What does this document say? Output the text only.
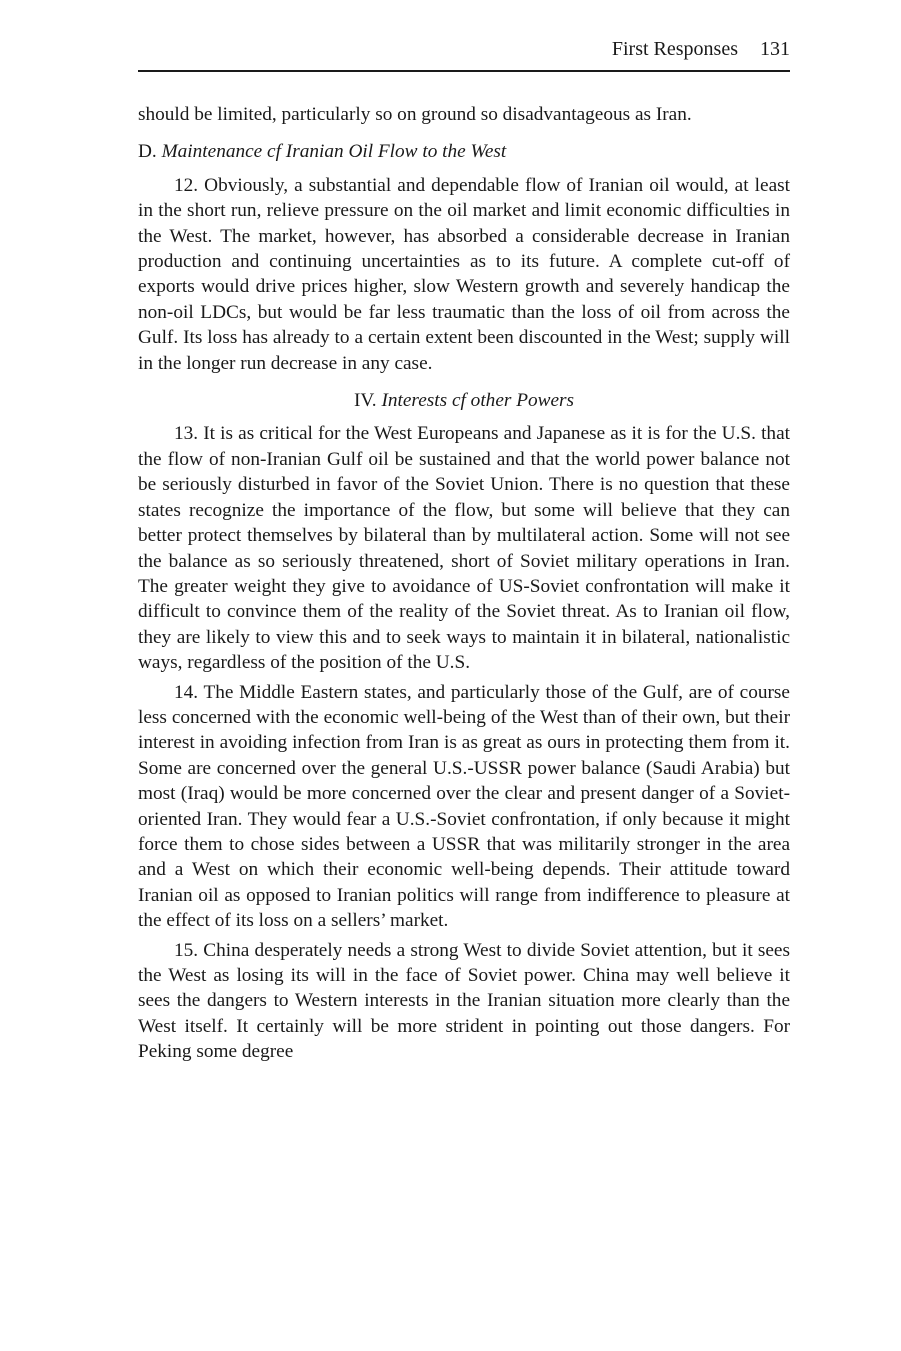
First Responses 131

should be limited, particularly so on ground so disadvantageous as Iran.

D. Maintenance cf Iranian Oil Flow to the West

12. Obviously, a substantial and dependable flow of Iranian oil would, at least in the short run, relieve pressure on the oil market and limit economic difficulties in the West. The market, however, has absorbed a considerable decrease in Iranian production and continuing uncertainties as to its future. A complete cut-off of exports would drive prices higher, slow Western growth and severely handicap the non-oil LDCs, but would be far less traumatic than the loss of oil from across the Gulf. Its loss has already to a certain extent been discounted in the West; supply will in the longer run decrease in any case.

IV. Interests cf other Powers

13. It is as critical for the West Europeans and Japanese as it is for the U.S. that the flow of non-Iranian Gulf oil be sustained and that the world power balance not be seriously disturbed in favor of the Soviet Union. There is no question that these states recognize the importance of the flow, but some will believe that they can better protect themselves by bilateral than by multilateral action. Some will not see the balance as so seriously threatened, short of Soviet military operations in Iran. The greater weight they give to avoidance of US-Soviet confrontation will make it difficult to convince them of the reality of the Soviet threat. As to Iranian oil flow, they are likely to view this and to seek ways to maintain it in bilateral, nationalistic ways, regardless of the position of the U.S.

14. The Middle Eastern states, and particularly those of the Gulf, are of course less concerned with the economic well-being of the West than of their own, but their interest in avoiding infection from Iran is as great as ours in protecting them from it. Some are concerned over the general U.S.-USSR power balance (Saudi Arabia) but most (Iraq) would be more concerned over the clear and present danger of a Soviet-oriented Iran. They would fear a U.S.-Soviet confrontation, if only because it might force them to chose sides between a USSR that was militarily stronger in the area and a West on which their economic well-being depends. Their attitude toward Iranian oil as opposed to Iranian politics will range from indifference to pleasure at the effect of its loss on a sellers’ market.

15. China desperately needs a strong West to divide Soviet attention, but it sees the West as losing its will in the face of Soviet power. China may well believe it sees the dangers to Western interests in the Iranian situation more clearly than the West itself. It certainly will be more strident in pointing out those dangers. For Peking some degree
